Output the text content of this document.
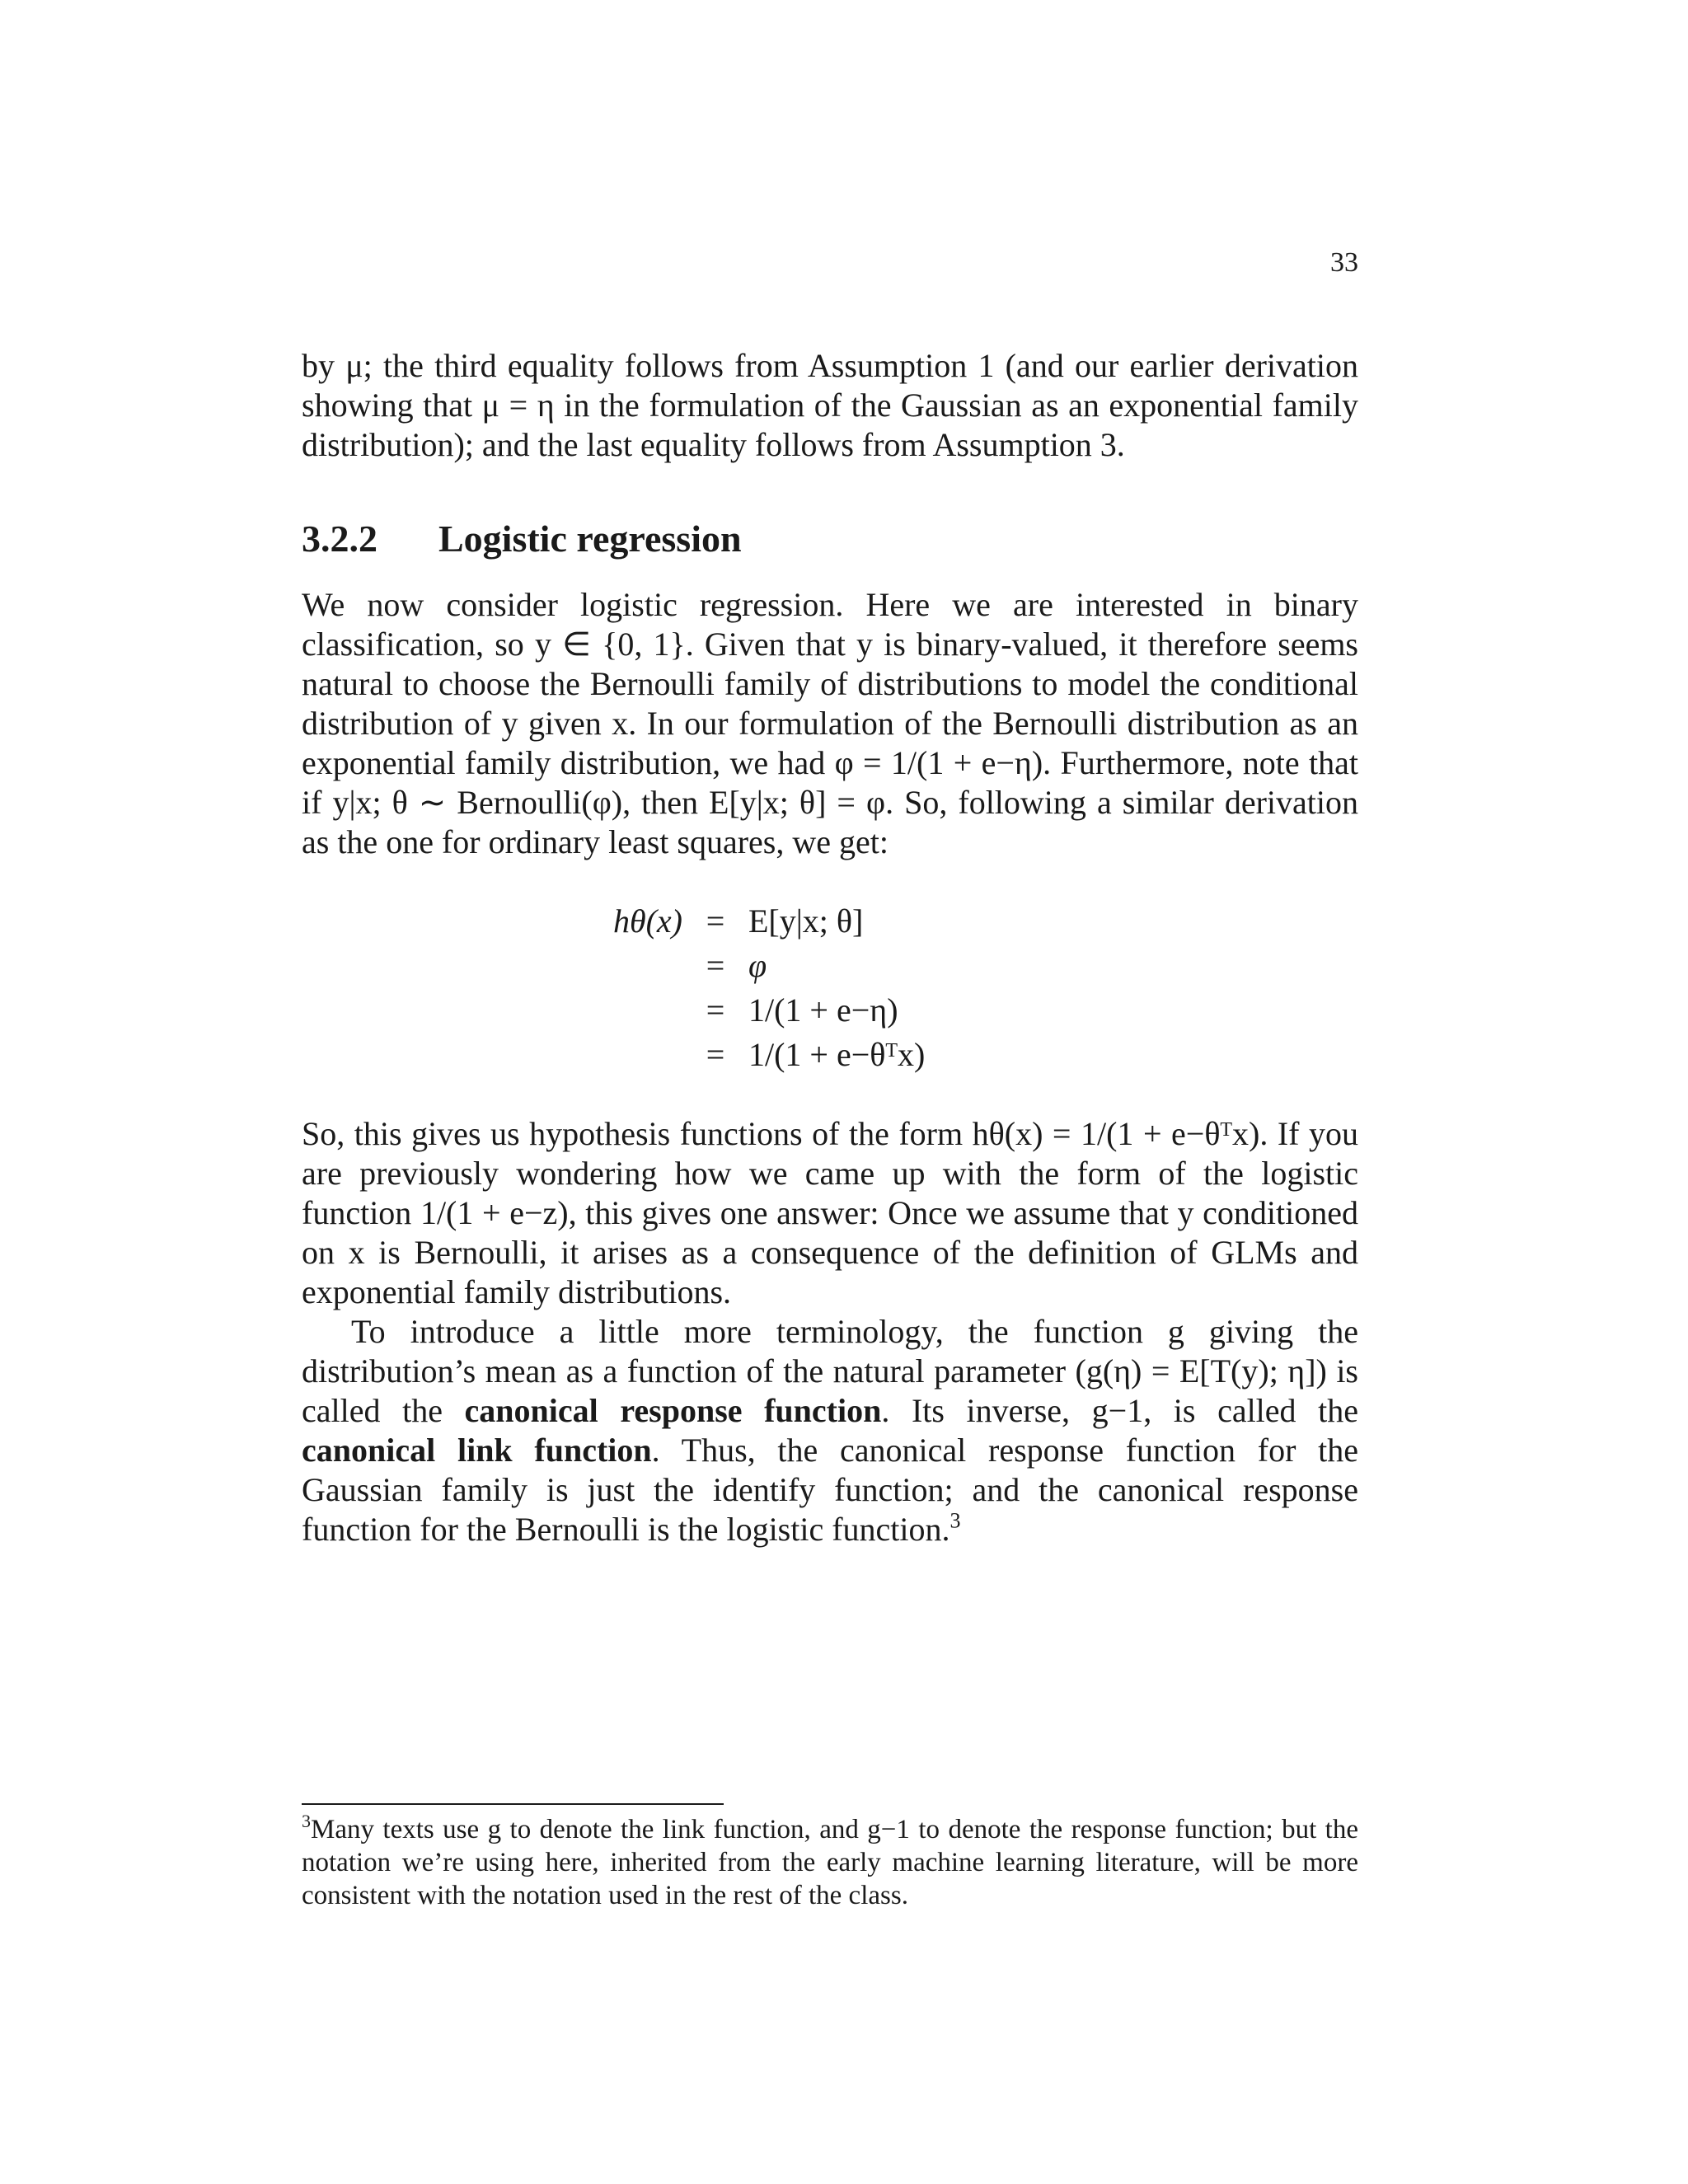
33

by μ; the third equality follows from Assumption 1 (and our earlier derivation showing that μ = η in the formulation of the Gaussian as an exponential family distribution); and the last equality follows from Assumption 3.

3.2.2	Logistic regression

We now consider logistic regression. Here we are interested in binary classification, so y ∈ {0, 1}. Given that y is binary-valued, it therefore seems natural to choose the Bernoulli family of distributions to model the conditional distribution of y given x. In our formulation of the Bernoulli distribution as an exponential family distribution, we had φ = 1/(1 + e−η). Furthermore, note that if y|x; θ ∼ Bernoulli(φ), then E[y|x; θ] = φ. So, following a similar derivation as the one for ordinary least squares, we get:

hθ(x) = E[y|x; θ]
= φ
= 1/(1 + e−η)
= 1/(1 + e−θᵀx)

So, this gives us hypothesis functions of the form hθ(x) = 1/(1 + e−θᵀx). If you are previously wondering how we came up with the form of the logistic function 1/(1 + e−z), this gives one answer: Once we assume that y conditioned on x is Bernoulli, it arises as a consequence of the definition of GLMs and exponential family distributions.

To introduce a little more terminology, the function g giving the distribution’s mean as a function of the natural parameter (g(η) = E[T(y); η]) is called the canonical response function. Its inverse, g−1, is called the canonical link function. Thus, the canonical response function for the Gaussian family is just the identify function; and the canonical response function for the Bernoulli is the logistic function.$^3$

$^3$Many texts use g to denote the link function, and g−1 to denote the response function; but the notation we’re using here, inherited from the early machine learning literature, will be more consistent with the notation used in the rest of the class.
